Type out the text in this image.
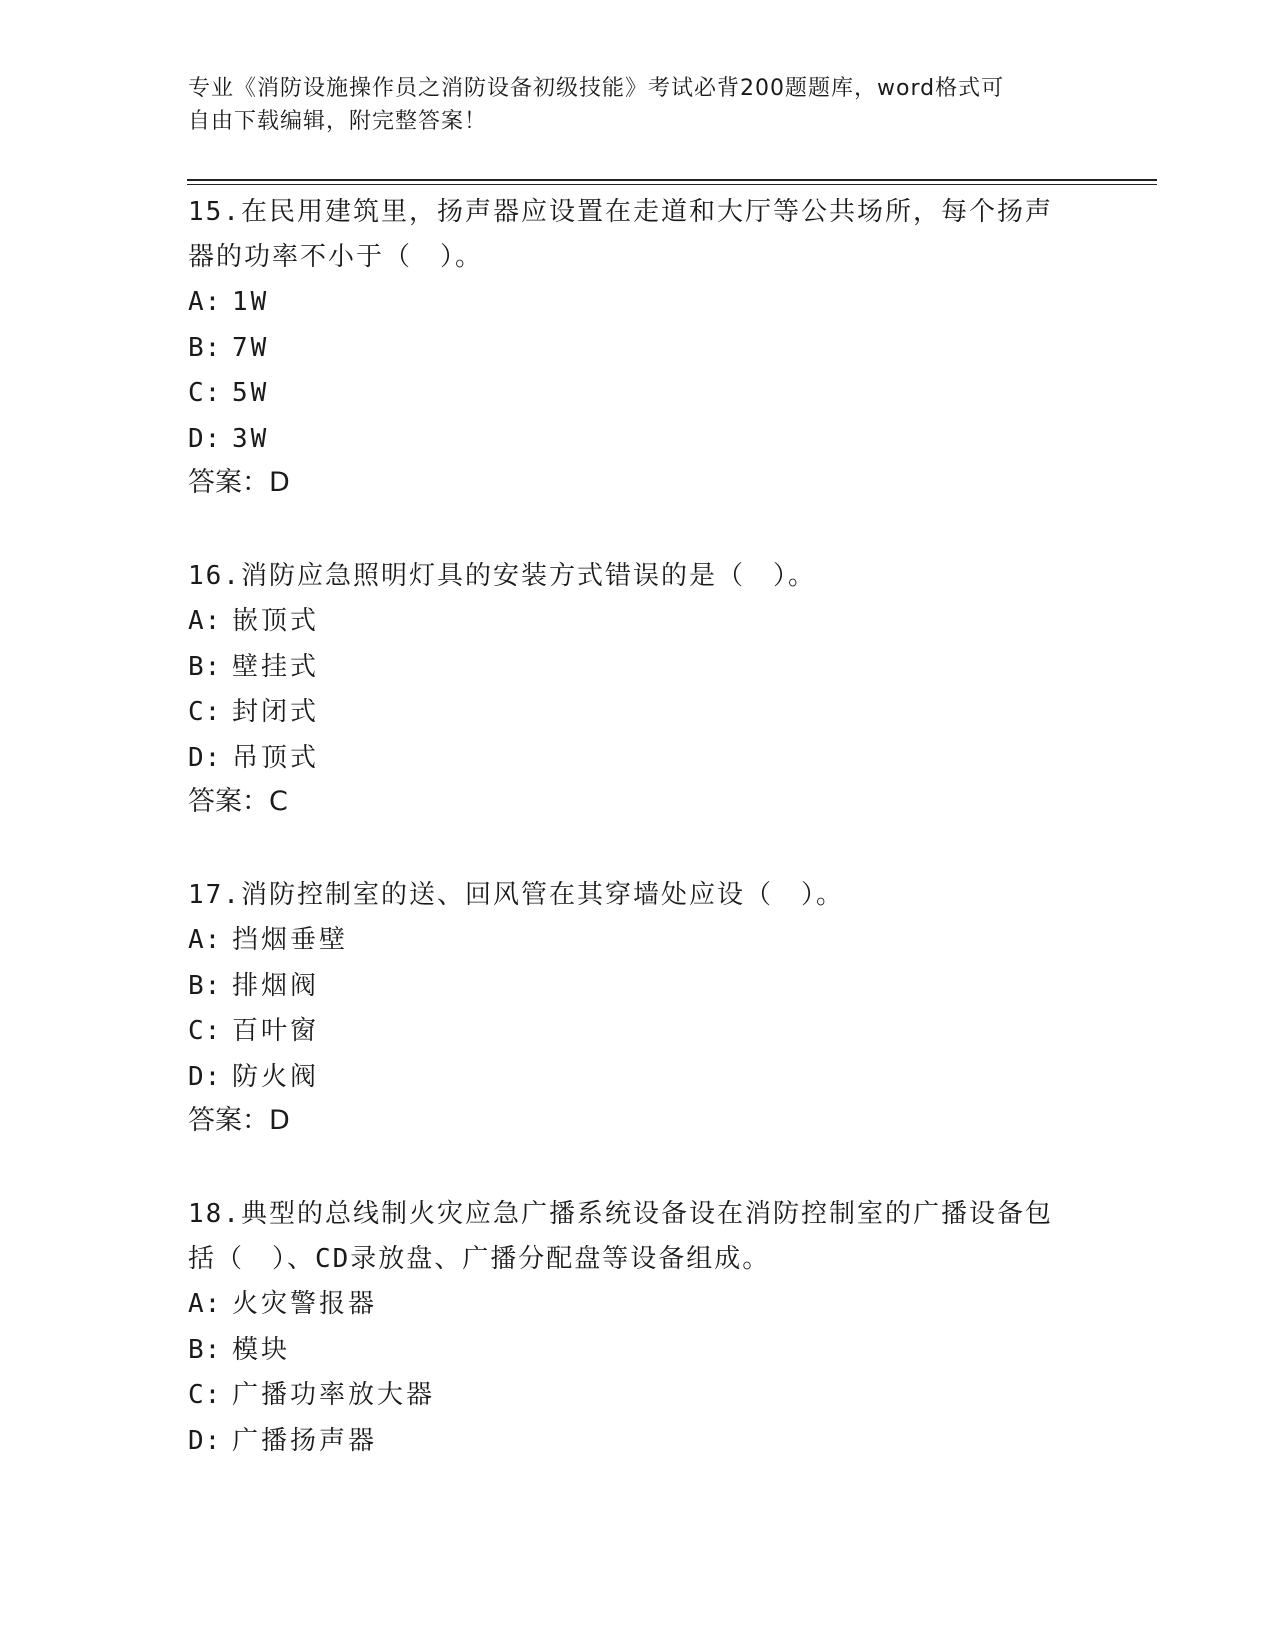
专业《消防设施操作员之消防设备初级技能》考试必背200题题库，word格式可
自由下载编辑，附完整答案！

15.在民用建筑里，扬声器应设置在走道和大厅等公共场所，每个扬声
器的功率不小于（　）。

A: 1W
B: 7W
C: 5W
D: 3W
答案：D

16.消防应急照明灯具的安装方式错误的是（　）。

A: 嵌顶式
B: 壁挂式
C: 封闭式
D: 吊顶式
答案：C

17.消防控制室的送、回风管在其穿墙处应设（　）。

A: 挡烟垂壁
B: 排烟阀
C: 百叶窗
D: 防火阀
答案：D

18.典型的总线制火灾应急广播系统设备设在消防控制室的广播设备包
括（　）、CD录放盘、广播分配盘等设备组成。

A: 火灾警报器
B: 模块
C: 广播功率放大器
D: 广播扬声器
